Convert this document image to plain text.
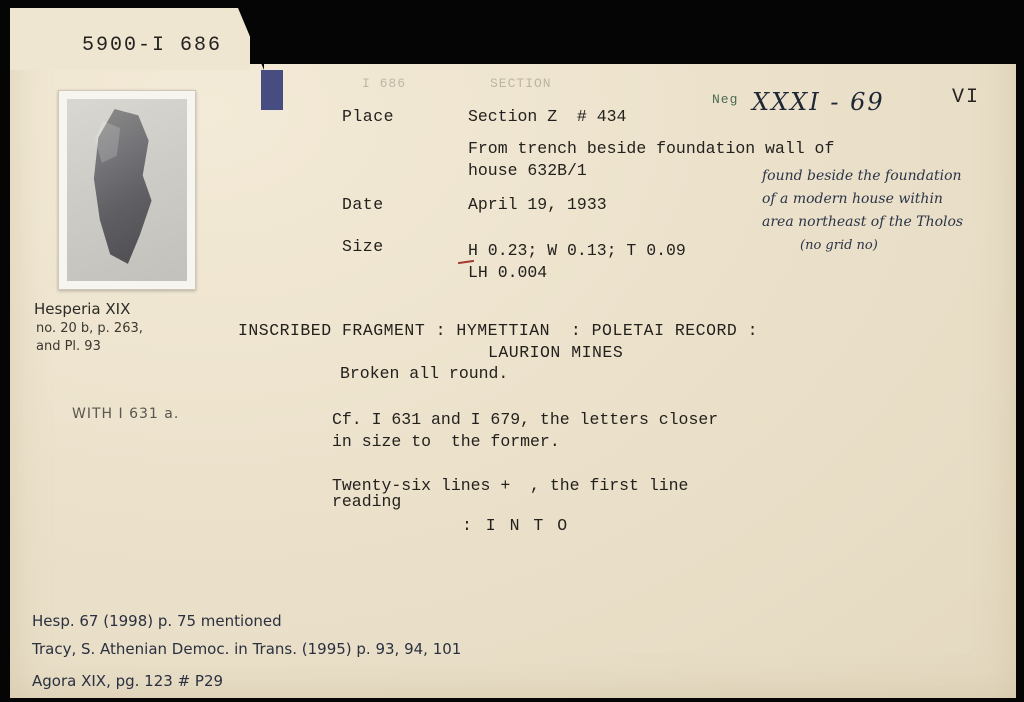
5900-I 686
I 686	SECTION
Neg XXXI - 69	VI
Place	Section Z  # 434
From trench beside foundation wall of
house 632B/1
Date	April 19, 1933
Size	H 0.23; W 0.13; T 0.09
LH 0.004
INSCRIBED FRAGMENT : HYMETTIAN  : POLETAI RECORD :
LAURION MINES
Broken all round.
Cf. I 631 and I 679, the letters closer
in size to  the former.
Twenty-six lines +  , the first line
reading
: I N T O
Hesperia XIX
no. 20 b, p. 263,
and Pl. 93
WITH I 631 a.
found beside the foundation
of a modern house within
area northeast of the Tholos
(no grid no)
Hesp. 67 (1998) p. 75 mentioned
Tracy, S. Athenian Democ. in Trans. (1995) p. 93, 94, 101
Agora XIX, pg. 123 # P29
